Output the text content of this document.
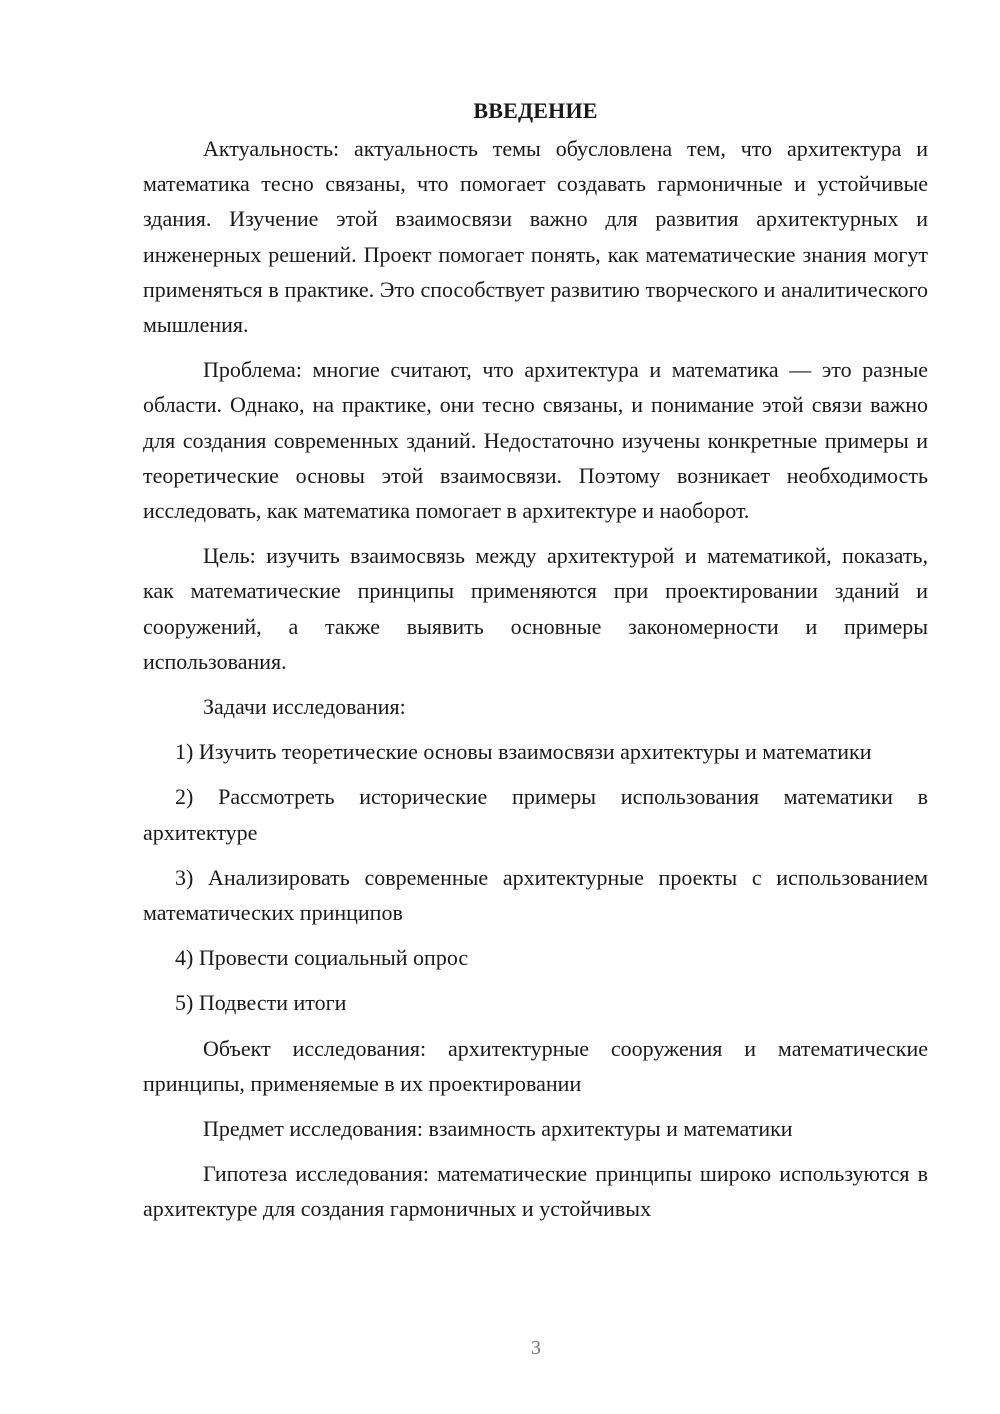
ВВЕДЕНИЕ

Актуальность: актуальность темы обусловлена тем, что архитектура и математика тесно связаны, что помогает создавать гармоничные и устойчивые здания. Изучение этой взаимосвязи важно для развития архитектурных и инженерных решений. Проект помогает понять, как математические знания могут применяться в практике. Это способствует развитию творческого и аналитического мышления.

Проблема: многие считают, что архитектура и математика — это разные области. Однако, на практике, они тесно связаны, и понимание этой связи важно для создания современных зданий. Недостаточно изучены конкретные примеры и теоретические основы этой взаимосвязи. Поэтому возникает необходимость исследовать, как математика помогает в архитектуре и наоборот.

Цель: изучить взаимосвязь между архитектурой и математикой, показать, как математические принципы применяются при проектировании зданий и сооружений, а также выявить основные закономерности и примеры использования.

Задачи исследования:

1) Изучить теоретические основы взаимосвязи архитектуры и математики

2) Рассмотреть исторические примеры использования математики в архитектуре

3) Анализировать современные архитектурные проекты с использованием математических принципов

4) Провести социальный опрос

5) Подвести итоги

Объект исследования: архитектурные сооружения и математические принципы, применяемые в их проектировании

Предмет исследования: взаимность архитектуры и математики

Гипотеза исследования: математические принципы широко используются в архитектуре для создания гармоничных и устойчивых

3
